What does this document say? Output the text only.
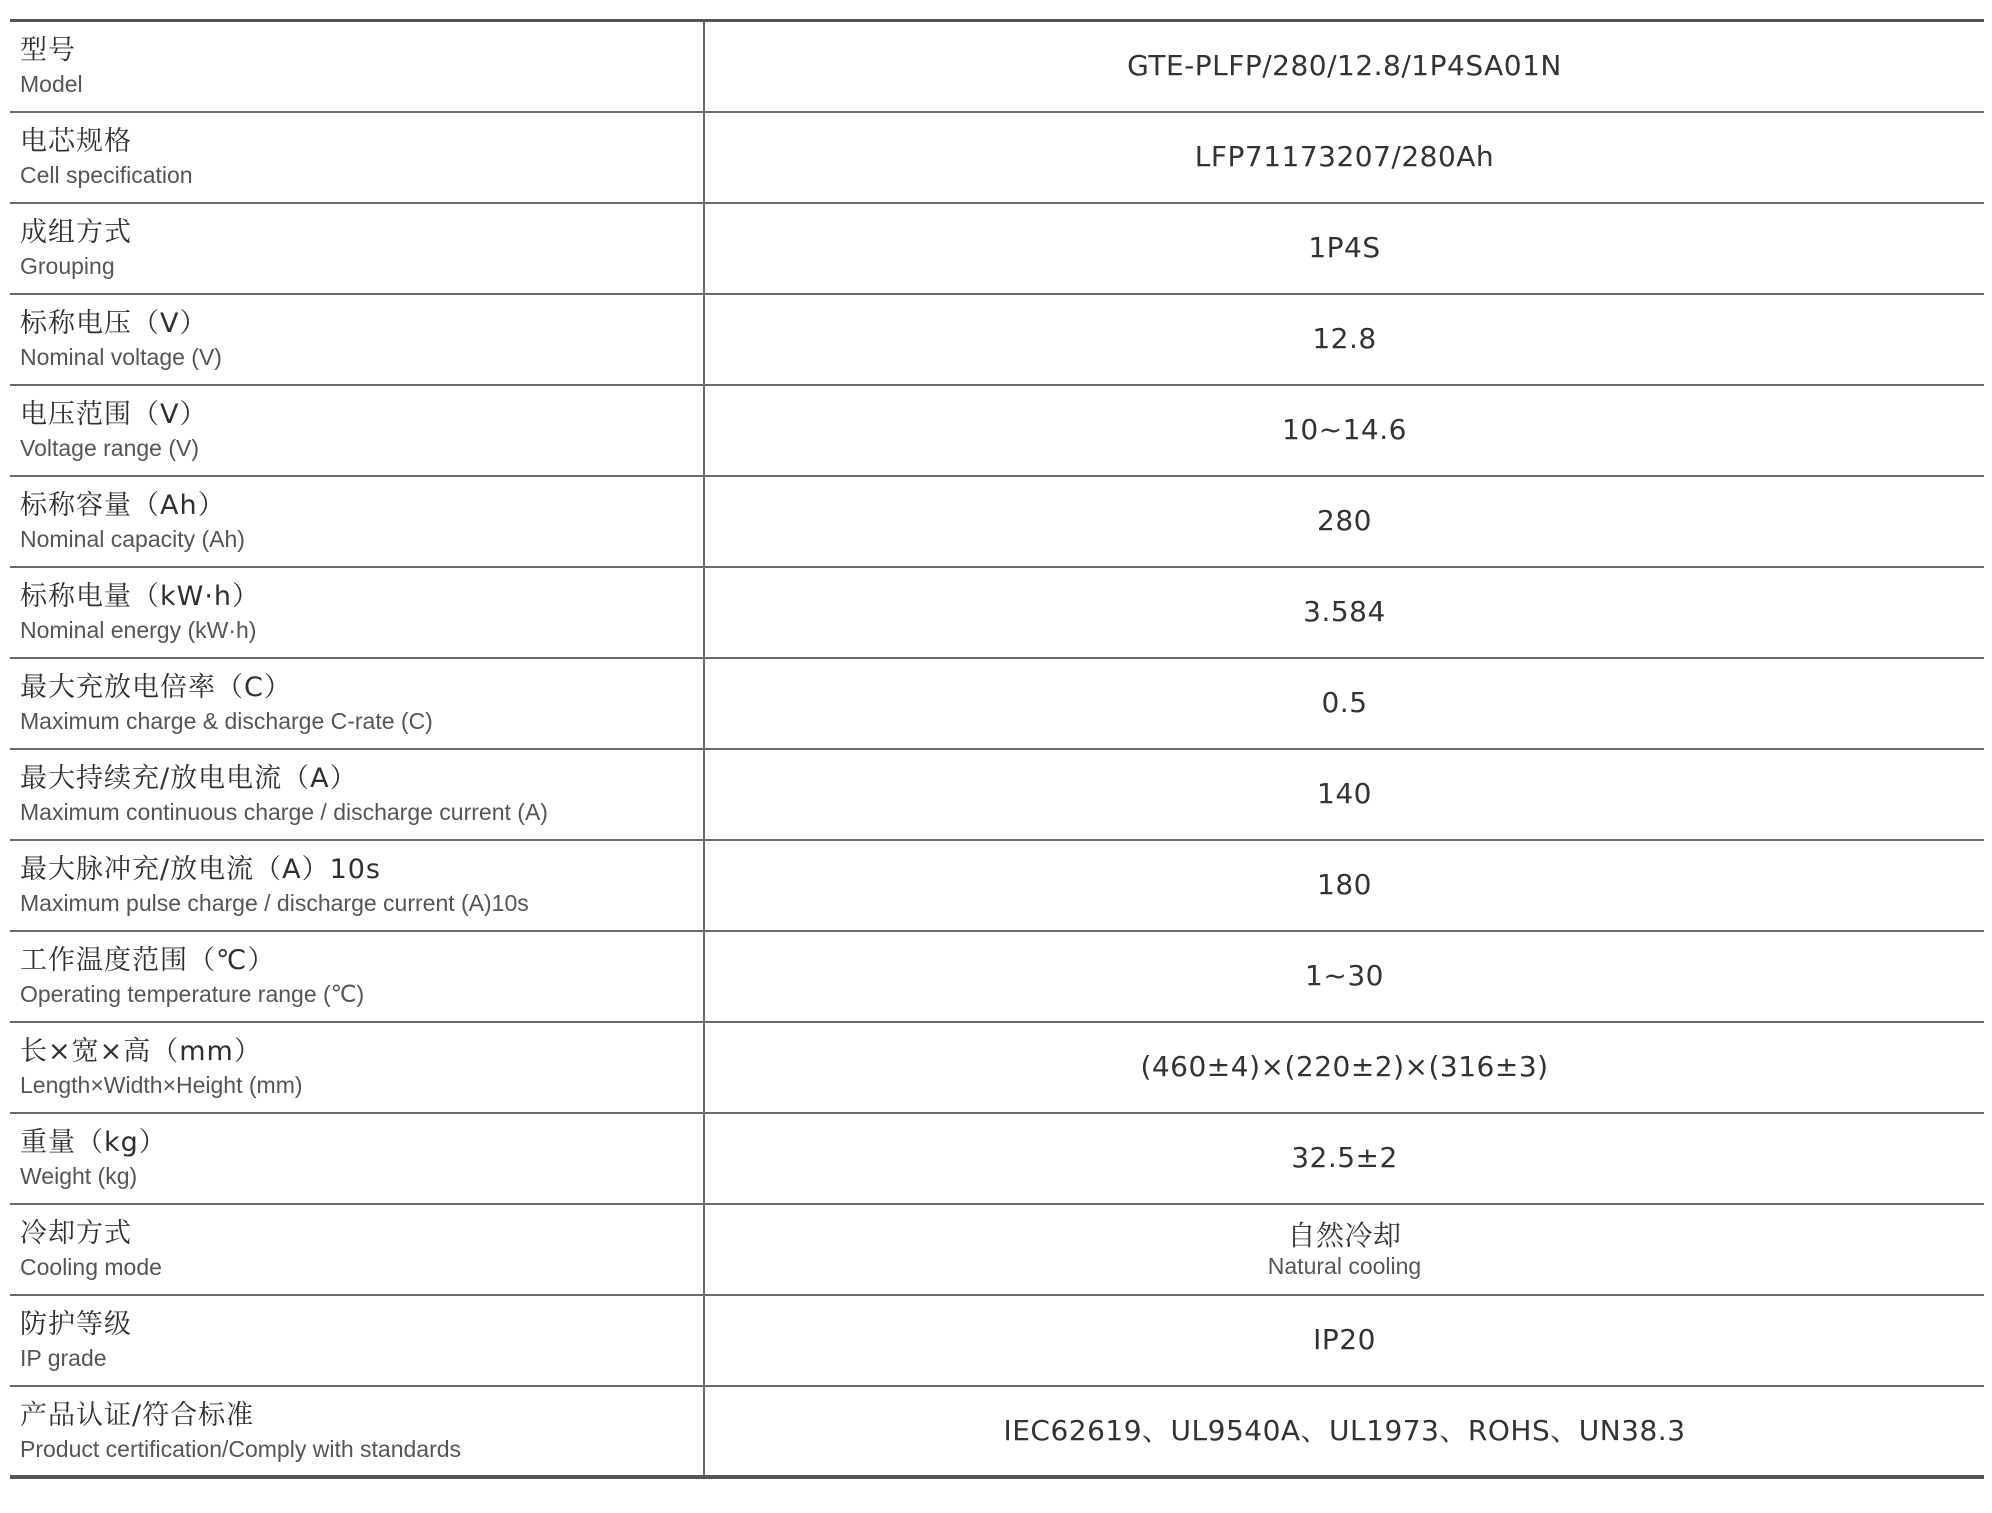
型号
Model	GTE-PLFP/280/12.8/1P4SA01N

电芯规格
Cell specification	LFP71173207/280Ah

成组方式
Grouping	1P4S

标称电压（V）
Nominal voltage (V)	12.8

电压范围（V）
Voltage range (V)	10~14.6

标称容量（Ah）
Nominal capacity (Ah)	280

标称电量（kW·h）
Nominal energy (kW·h)	3.584

最大充放电倍率（C）
Maximum charge & discharge C-rate (C)	0.5

最大持续充/放电电流（A）
Maximum continuous charge / discharge current (A)	140

最大脉冲充/放电流（A）10s
Maximum pulse charge / discharge current (A)10s	180

工作温度范围（℃）
Operating temperature range (℃)	1~30

长×宽×高（mm）
Length×Width×Height (mm)	(460±4)×(220±2)×(316±3)

重量（kg）
Weight (kg)	32.5±2

冷却方式
Cooling mode	自然冷却
Natural cooling

防护等级
IP grade	IP20

产品认证/符合标准
Product certification/Comply with standards	IEC62619、UL9540A、UL1973、ROHS、UN38.3
